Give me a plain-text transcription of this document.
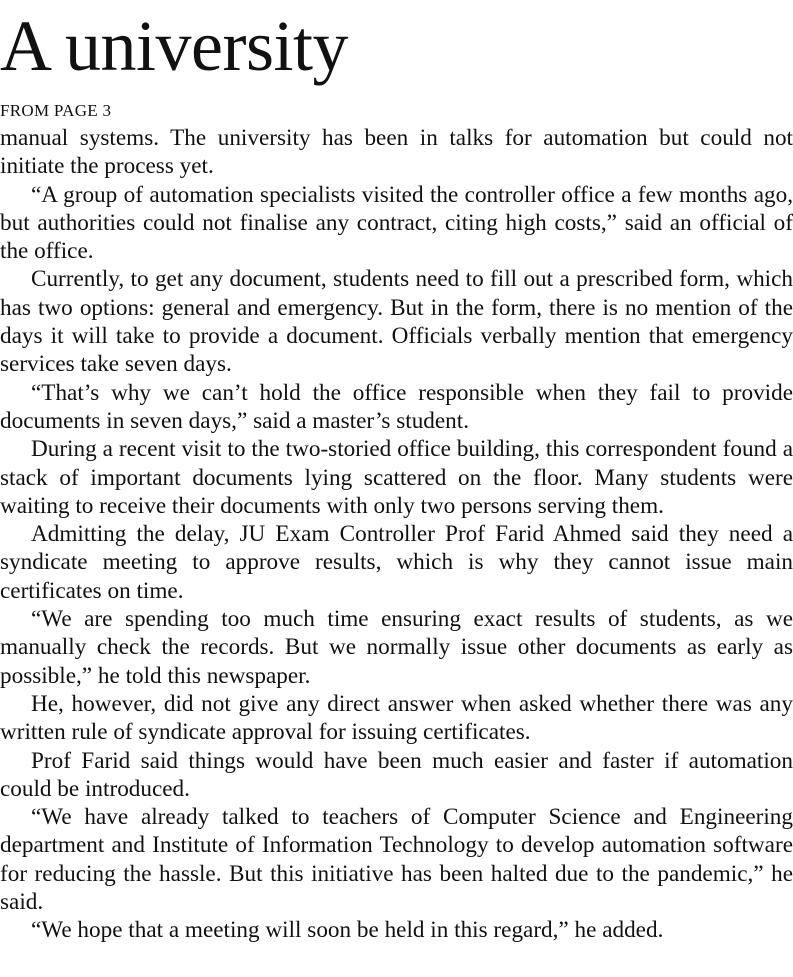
A university
FROM PAGE 3

manual systems. The university has been in talks for automation but could not initiate the process yet.

“A group of automation specialists visited the controller office a few months ago, but authorities could not finalise any contract, citing high costs,” said an official of the office.

Currently, to get any document, students need to fill out a prescribed form, which has two options: general and emergency. But in the form, there is no mention of the days it will take to provide a document. Officials verbally mention that emergency services take seven days.

“That’s why we can’t hold the office responsible when they fail to provide documents in seven days,” said a master’s student.

During a recent visit to the two-storied office building, this correspondent found a stack of important documents lying scattered on the floor. Many students were waiting to receive their documents with only two persons serving them.

Admitting the delay, JU Exam Controller Prof Farid Ahmed said they need a syndicate meeting to approve results, which is why they cannot issue main certificates on time.

“We are spending too much time ensuring exact results of students, as we manually check the records. But we normally issue other documents as early as possible,” he told this newspaper.

He, however, did not give any direct answer when asked whether there was any written rule of syndicate approval for issuing certificates.

Prof Farid said things would have been much easier and faster if automation could be introduced.

“We have already talked to teachers of Computer Science and Engineering department and Institute of Information Technology to develop automation software for reducing the hassle. But this initiative has been halted due to the pandemic,” he said.

“We hope that a meeting will soon be held in this regard,” he added.
